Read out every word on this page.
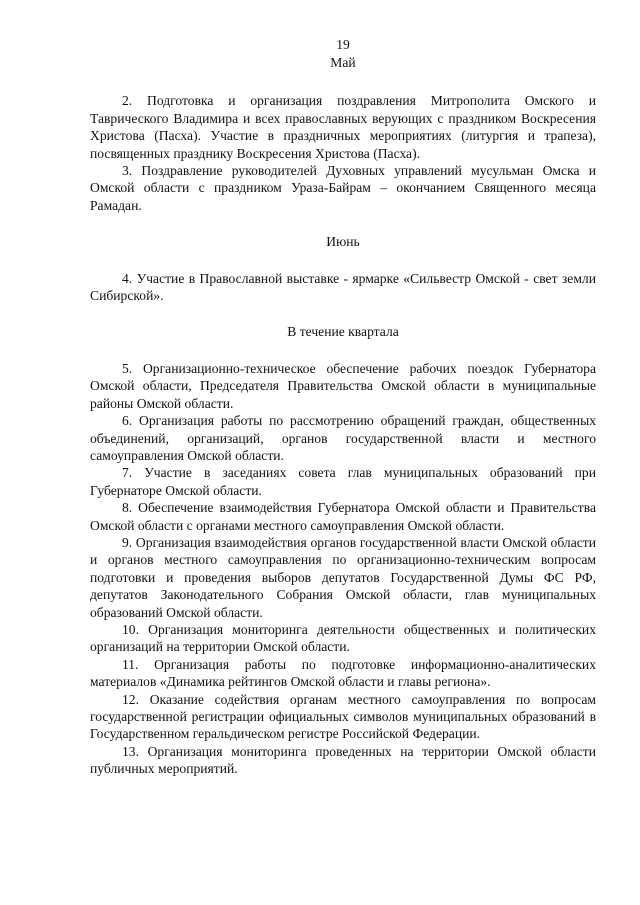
19

Май

2. Подготовка и организация поздравления Митрополита Омского и Таврического Владимира и всех православных верующих с праздником Воскресения Христова (Пасха). Участие в праздничных мероприятиях (литургия и трапеза), посвященных празднику Воскресения Христова (Пасха).

3. Поздравление руководителей Духовных управлений мусульман Омска и Омской области с праздником Ураза-Байрам – окончанием Священного месяца Рамадан.

Июнь

4. Участие в Православной выставке - ярмарке «Сильвестр Омской - свет земли Сибирской».

В течение квартала

5. Организационно-техническое обеспечение рабочих поездок Губернатора Омской области, Председателя Правительства Омской области в муниципальные районы Омской области.

6. Организация работы по рассмотрению обращений граждан, общественных объединений, организаций, органов государственной власти и местного самоуправления Омской области.

7. Участие в заседаниях совета глав муниципальных образований при Губернаторе Омской области.

8. Обеспечение взаимодействия Губернатора Омской области и Правительства Омской области с органами местного самоуправления Омской области.

9. Организация взаимодействия органов государственной власти Омской области и органов местного самоуправления по организационно-техническим вопросам подготовки и проведения выборов депутатов Государственной Думы ФС РФ, депутатов Законодательного Собрания Омской области, глав муниципальных образований Омской области.

10. Организация мониторинга деятельности общественных и политических организаций на территории Омской области.

11. Организация работы по подготовке информационно-аналитических материалов «Динамика рейтингов Омской области и главы региона».

12. Оказание содействия органам местного самоуправления по вопросам государственной регистрации официальных символов муниципальных образований в Государственном геральдическом регистре Российской Федерации.

13. Организация мониторинга проведенных на территории Омской области публичных мероприятий.
